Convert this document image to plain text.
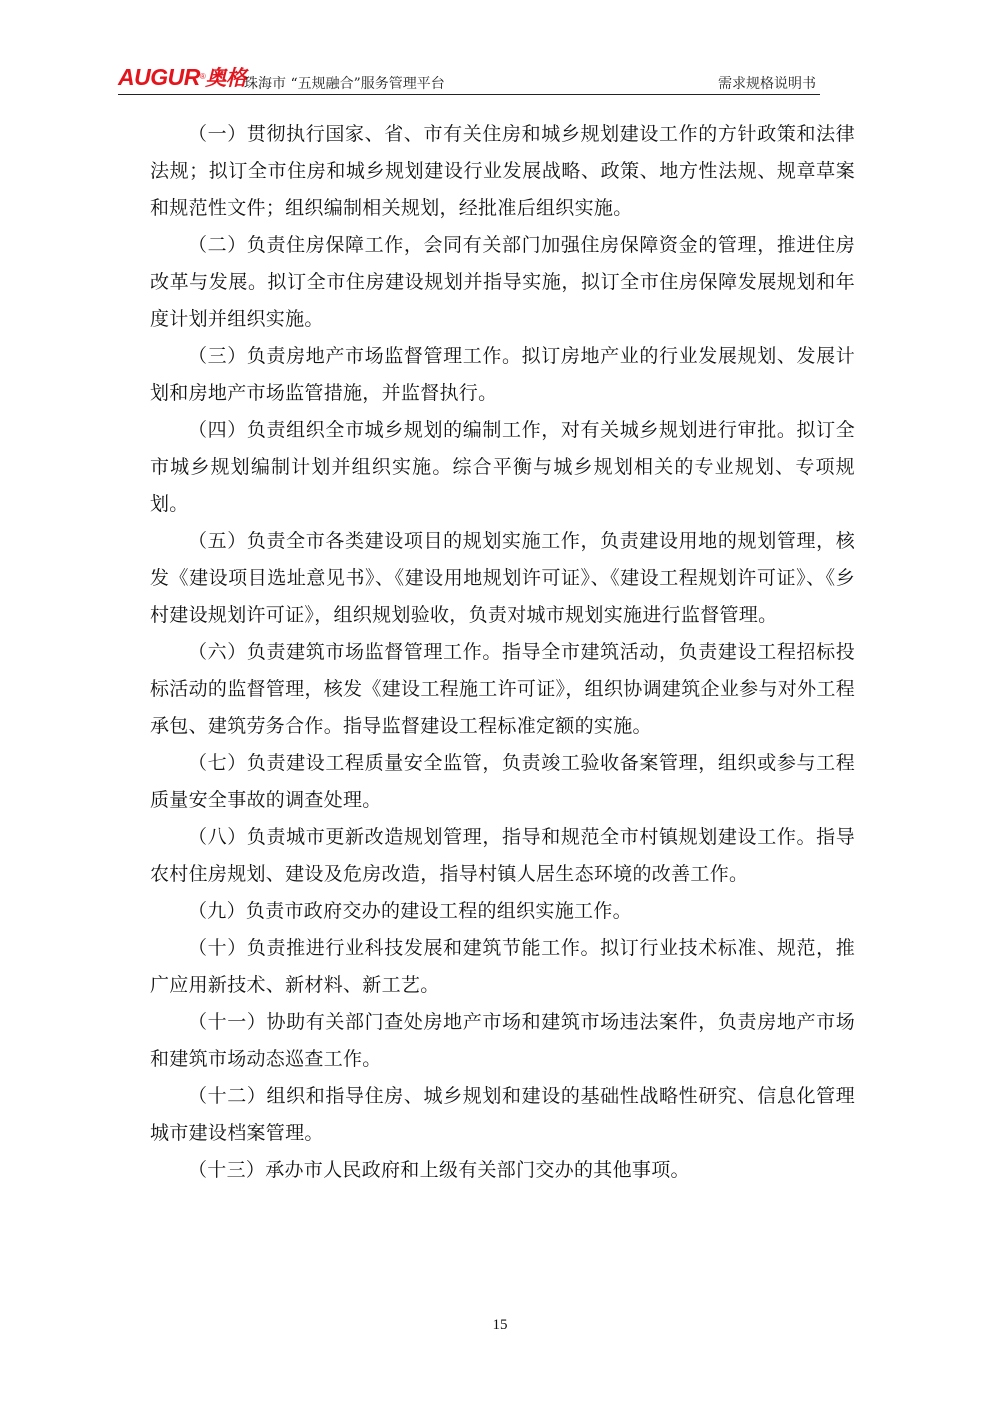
AUGUR®奥格
珠海市 “五规融合”服务管理平台	需求规格说明书

（一）贯彻执行国家、省、市有关住房和城乡规划建设工作的方针政策和法律法规；拟订全市住房和城乡规划建设行业发展战略、政策、地方性法规、规章草案和规范性文件；组织编制相关规划，经批准后组织实施。

（二）负责住房保障工作，会同有关部门加强住房保障资金的管理，推进住房改革与发展。拟订全市住房建设规划并指导实施，拟订全市住房保障发展规划和年度计划并组织实施。

（三）负责房地产市场监督管理工作。拟订房地产业的行业发展规划、发展计划和房地产市场监管措施，并监督执行。

（四）负责组织全市城乡规划的编制工作，对有关城乡规划进行审批。拟订全市城乡规划编制计划并组织实施。综合平衡与城乡规划相关的专业规划、专项规划。

（五）负责全市各类建设项目的规划实施工作，负责建设用地的规划管理，核发《建设项目选址意见书》、《建设用地规划许可证》、《建设工程规划许可证》、《乡村建设规划许可证》，组织规划验收，负责对城市规划实施进行监督管理。

（六）负责建筑市场监督管理工作。指导全市建筑活动，负责建设工程招标投标活动的监督管理，核发《建设工程施工许可证》，组织协调建筑企业参与对外工程承包、建筑劳务合作。指导监督建设工程标准定额的实施。

（七）负责建设工程质量安全监管，负责竣工验收备案管理，组织或参与工程质量安全事故的调查处理。

（八）负责城市更新改造规划管理，指导和规范全市村镇规划建设工作。指导农村住房规划、建设及危房改造，指导村镇人居生态环境的改善工作。

（九）负责市政府交办的建设工程的组织实施工作。

（十）负责推进行业科技发展和建筑节能工作。拟订行业技术标准、规范，推广应用新技术、新材料、新工艺。

（十一）协助有关部门查处房地产市场和建筑市场违法案件，负责房地产市场和建筑市场动态巡查工作。

（十二）组织和指导住房、城乡规划和建设的基础性战略性研究、信息化管理城市建设档案管理。

（十三）承办市人民政府和上级有关部门交办的其他事项。

15
